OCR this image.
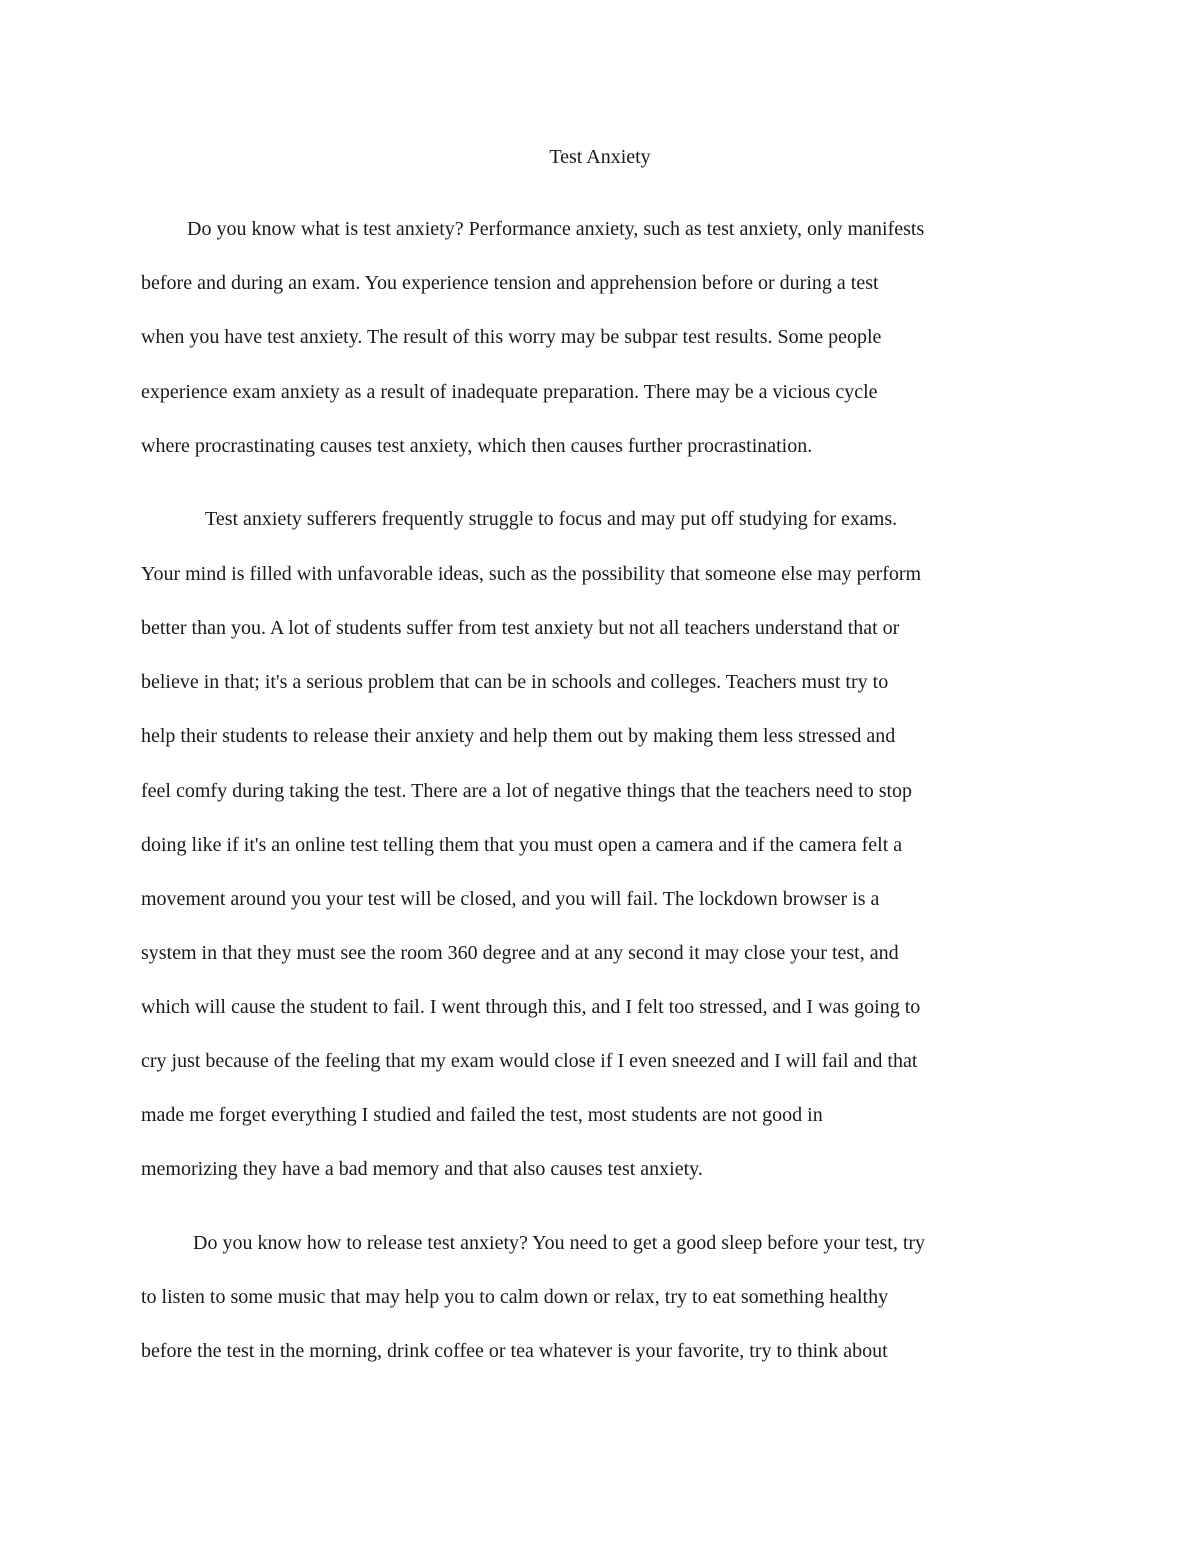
Test Anxiety
Do you know what is test anxiety? Performance anxiety, such as test anxiety, only manifests
before and during an exam. You experience tension and apprehension before or during a test
when you have test anxiety. The result of this worry may be subpar test results. Some people
experience exam anxiety as a result of inadequate preparation. There may be a vicious cycle
where procrastinating causes test anxiety, which then causes further procrastination.
Test anxiety sufferers frequently struggle to focus and may put off studying for exams.
Your mind is filled with unfavorable ideas, such as the possibility that someone else may perform
better than you. A lot of students suffer from test anxiety but not all teachers understand that or
believe in that; it's a serious problem that can be in schools and colleges. Teachers must try to
help their students to release their anxiety and help them out by making them less stressed and
feel comfy during taking the test. There are a lot of negative things that the teachers need to stop
doing like if it's an online test telling them that you must open a camera and if the camera felt a
movement around you your test will be closed, and you will fail. The lockdown browser is a
system in that they must see the room 360 degree and at any second it may close your test, and
which will cause the student to fail. I went through this, and I felt too stressed, and I was going to
cry just because of the feeling that my exam would close if I even sneezed and I will fail and that
made me forget everything I studied and failed the test, most students are not good in
memorizing they have a bad memory and that also causes test anxiety.
Do you know how to release test anxiety? You need to get a good sleep before your test, try
to listen to some music that may help you to calm down or relax, try to eat something healthy
before the test in the morning, drink coffee or tea whatever is your favorite, try to think about
